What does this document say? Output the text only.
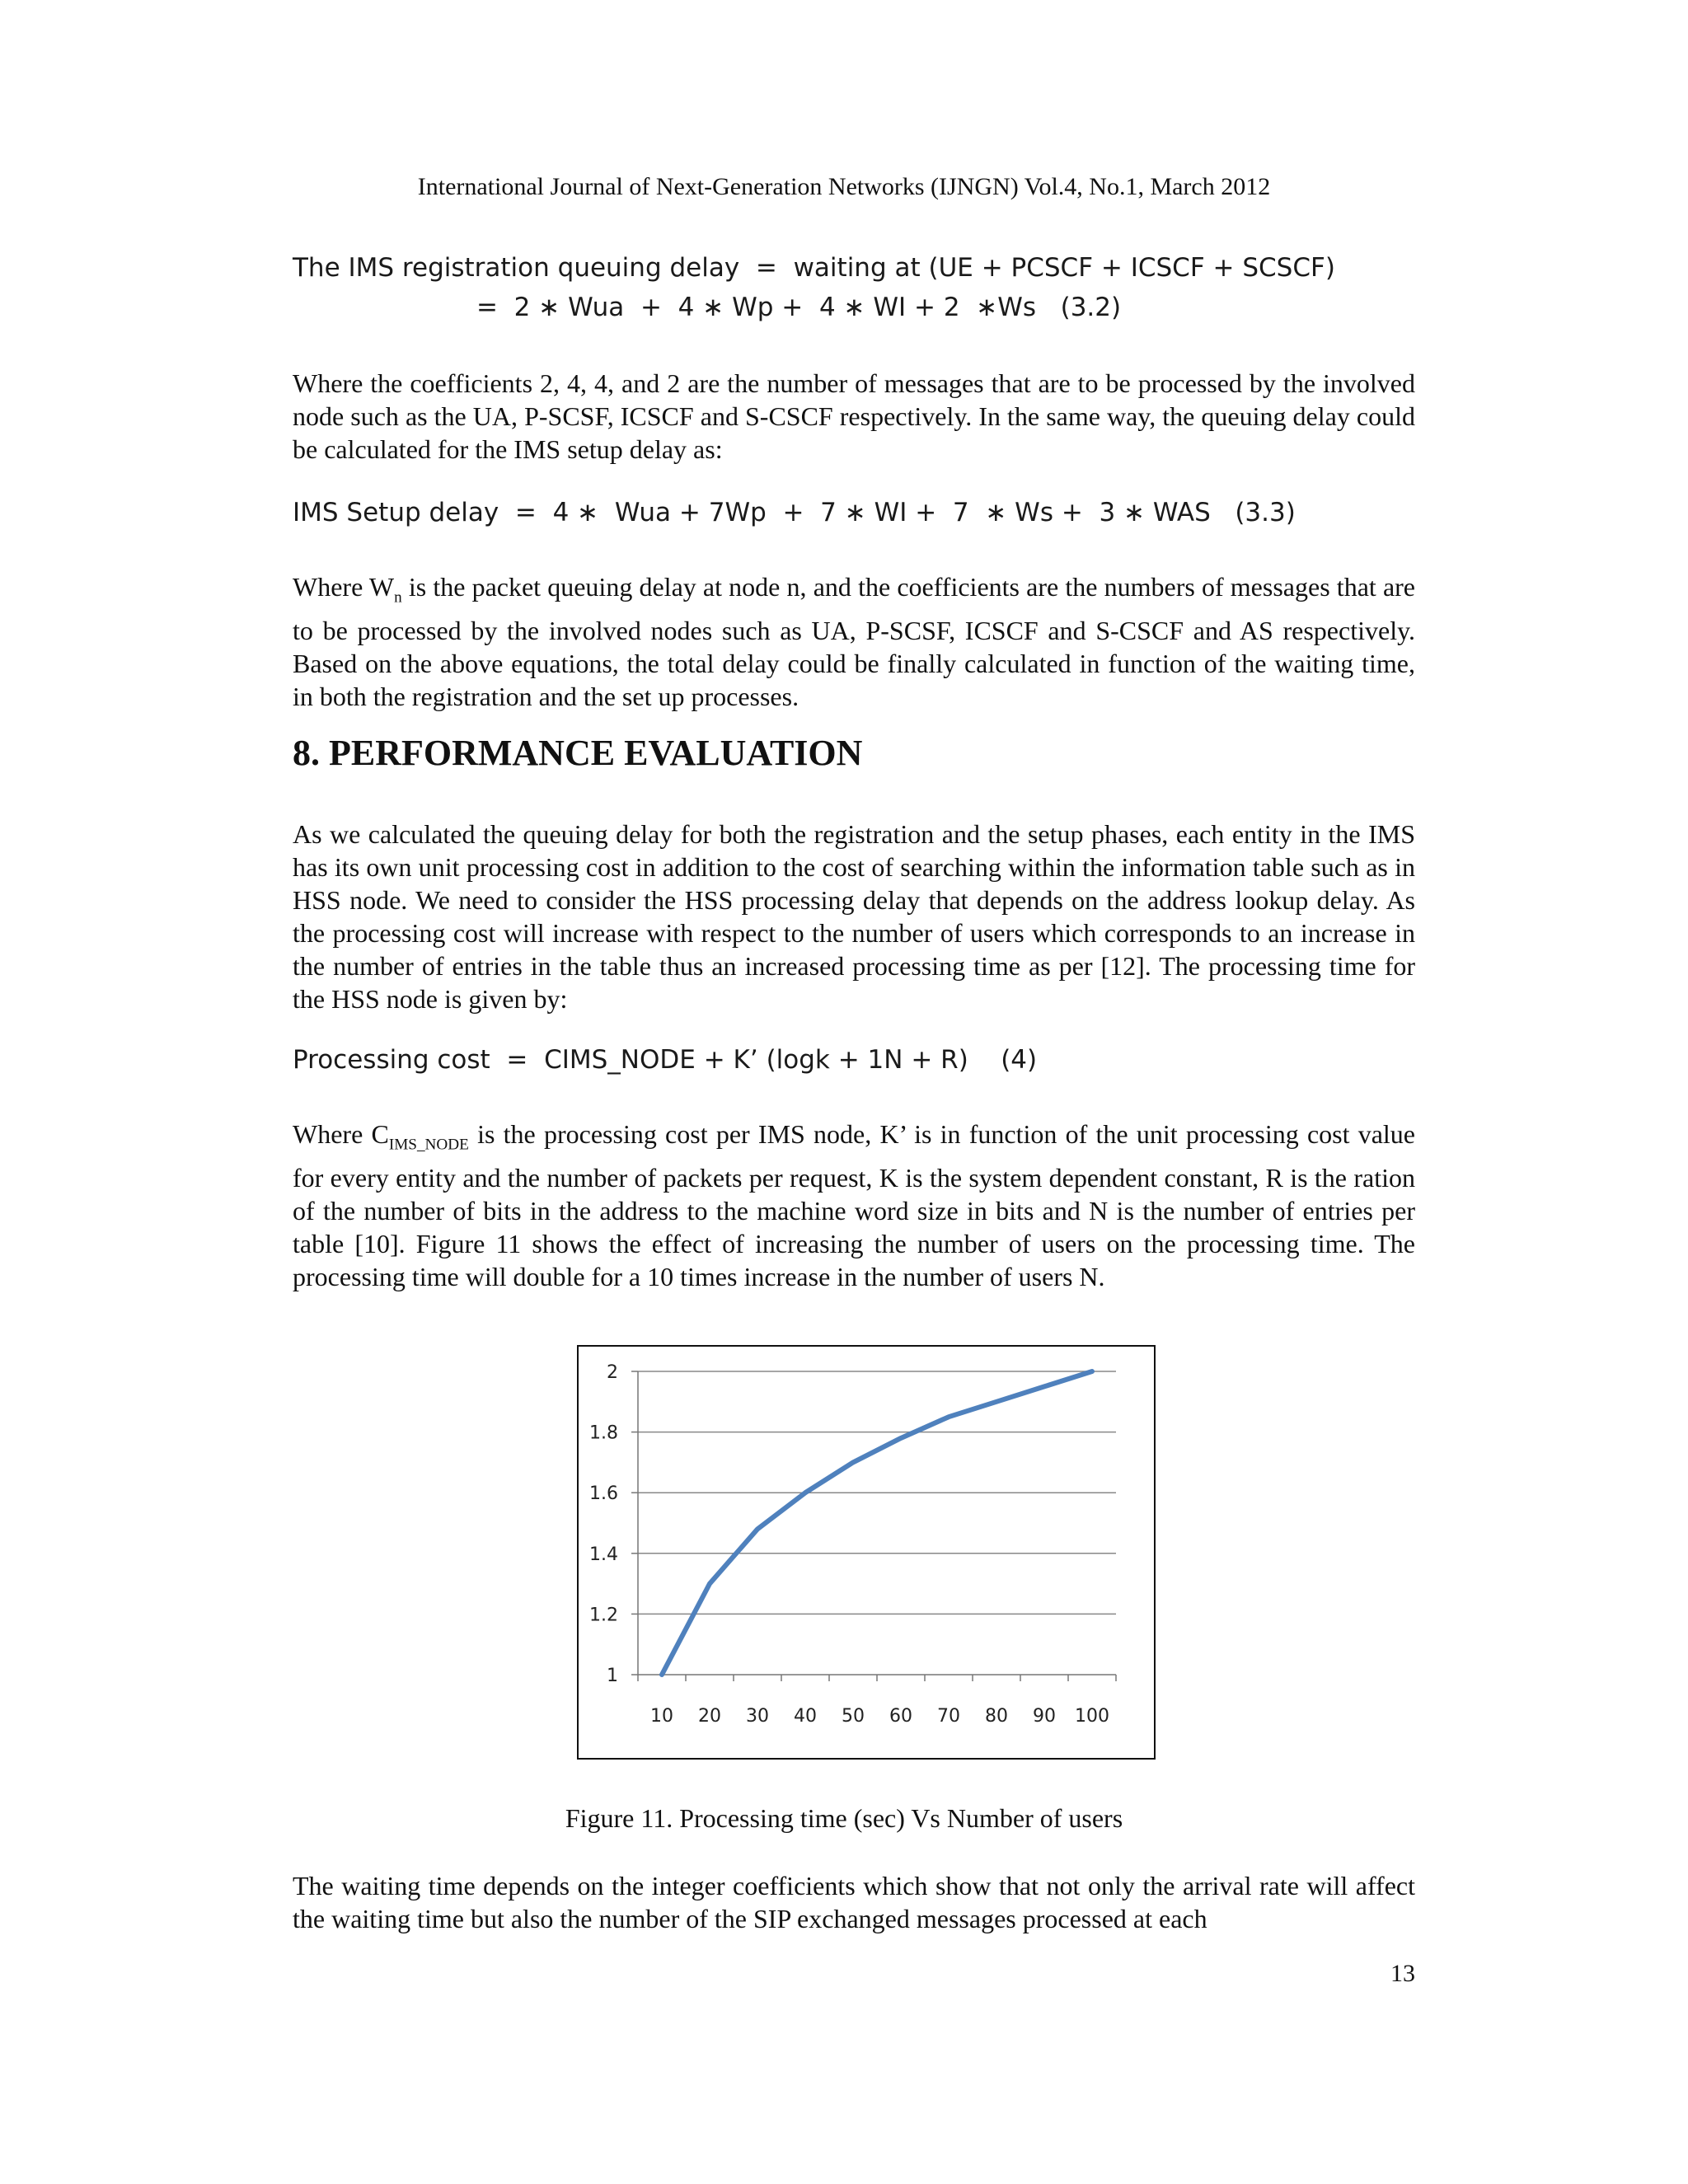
International Journal of Next-Generation Networks (IJNGN) Vol.4, No.1, March 2012
The IMS registration queuing delay  =  waiting at (UE + PCSCF + ICSCF + SCSCF)
=  2 ∗ Wua  +  4 ∗ Wp +  4 ∗ WI + 2  ∗Ws   (3.2)

Where the coefficients 2, 4, 4, and 2 are the number of messages that are to be processed by the involved node such as the UA, P-SCSF, ICSCF and S-CSCF respectively. In the same way, the queuing delay could be calculated for the IMS setup delay as:

IMS Setup delay  =  4 ∗  Wua + 7Wp  +  7 ∗ WI +  7  ∗ Ws +  3 ∗ WAS   (3.3)

Where $W_n$ is the packet queuing delay at node n, and the coefficients are the numbers of messages that are to be processed by the involved nodes such as UA, P-SCSF, ICSCF and S-CSCF and AS respectively. Based on the above equations, the total delay could be finally calculated in function of the waiting time, in both the registration and the set up processes.

8. PERFORMANCE EVALUATION

As we calculated the queuing delay for both the registration and the setup phases, each entity in the IMS has its own unit processing cost in addition to the cost of searching within the information table such as in HSS node. We need to consider the HSS processing delay that depends on the address lookup delay. As the processing cost will increase with respect to the number of users which corresponds to an increase in the number of entries in the table thus an increased processing time as per [12]. The processing time for the HSS node is given by:

Processing cost  =  CIMS_NODE + K’ (logk + 1N + R)    (4)

Where $C_{IMS\_NODE}$ is the processing cost per IMS node, K’ is in function of the unit processing cost value for every entity and the number of packets per request, K is the system dependent constant, R is the ration of the number of bits in the address to the machine word size in bits and N is the number of entries per table [10]. Figure 11 shows the effect of increasing the number of users on the processing time. The processing time will double for a 10 times increase in the number of users N.

1
1.2
1.4
1.6
1.8
2
10 20 30 40 50 60 70 80 90 100
Figure 11. Processing time (sec) Vs Number of users

The waiting time depends on the integer coefficients which show that not only the arrival rate will affect the waiting time but also the number of the SIP exchanged messages processed at each

13
